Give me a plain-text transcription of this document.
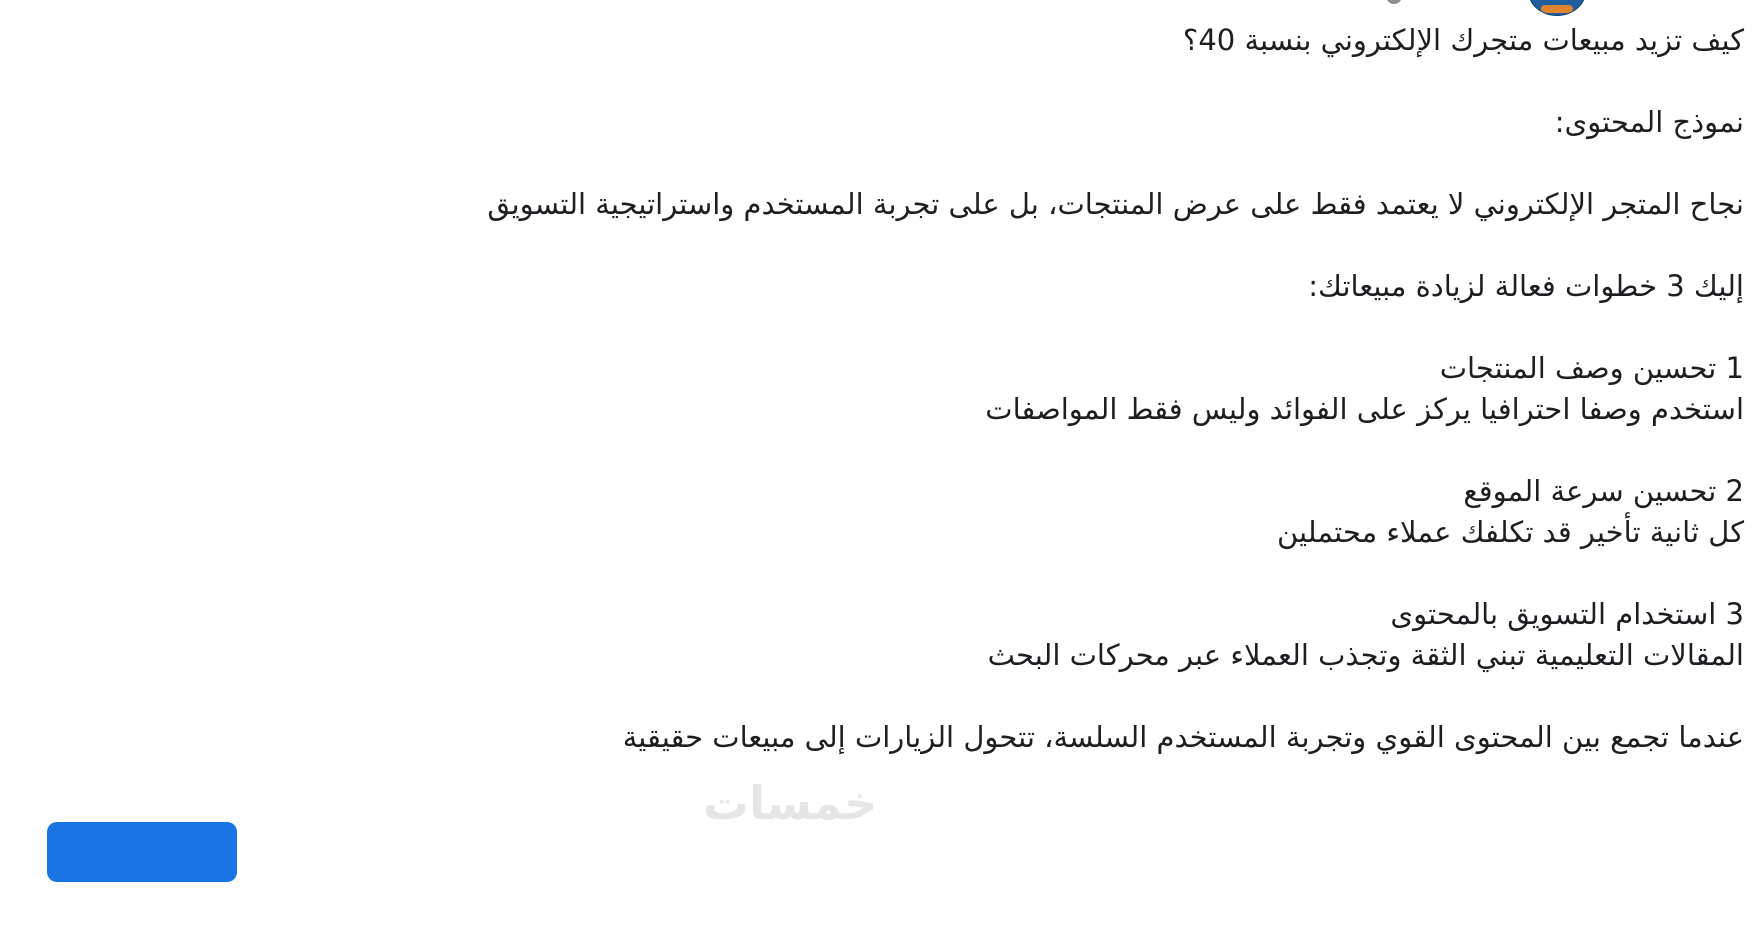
كيف تزيد مبيعات متجرك الإلكتروني بنسبة 40؟

نموذج المحتوى:

نجاح المتجر الإلكتروني لا يعتمد فقط على عرض المنتجات، بل على تجربة المستخدم واستراتيجية التسويق

إليك 3 خطوات فعالة لزيادة مبيعاتك:

1 تحسين وصف المنتجات
استخدم وصفا احترافيا يركز على الفوائد وليس فقط المواصفات

2 تحسين سرعة الموقع
كل ثانية تأخير قد تكلفك عملاء محتملين

3 استخدام التسويق بالمحتوى
المقالات التعليمية تبني الثقة وتجذب العملاء عبر محركات البحث

عندما تجمع بين المحتوى القوي وتجربة المستخدم السلسة، تتحول الزيارات إلى مبيعات حقيقية

خمسات
